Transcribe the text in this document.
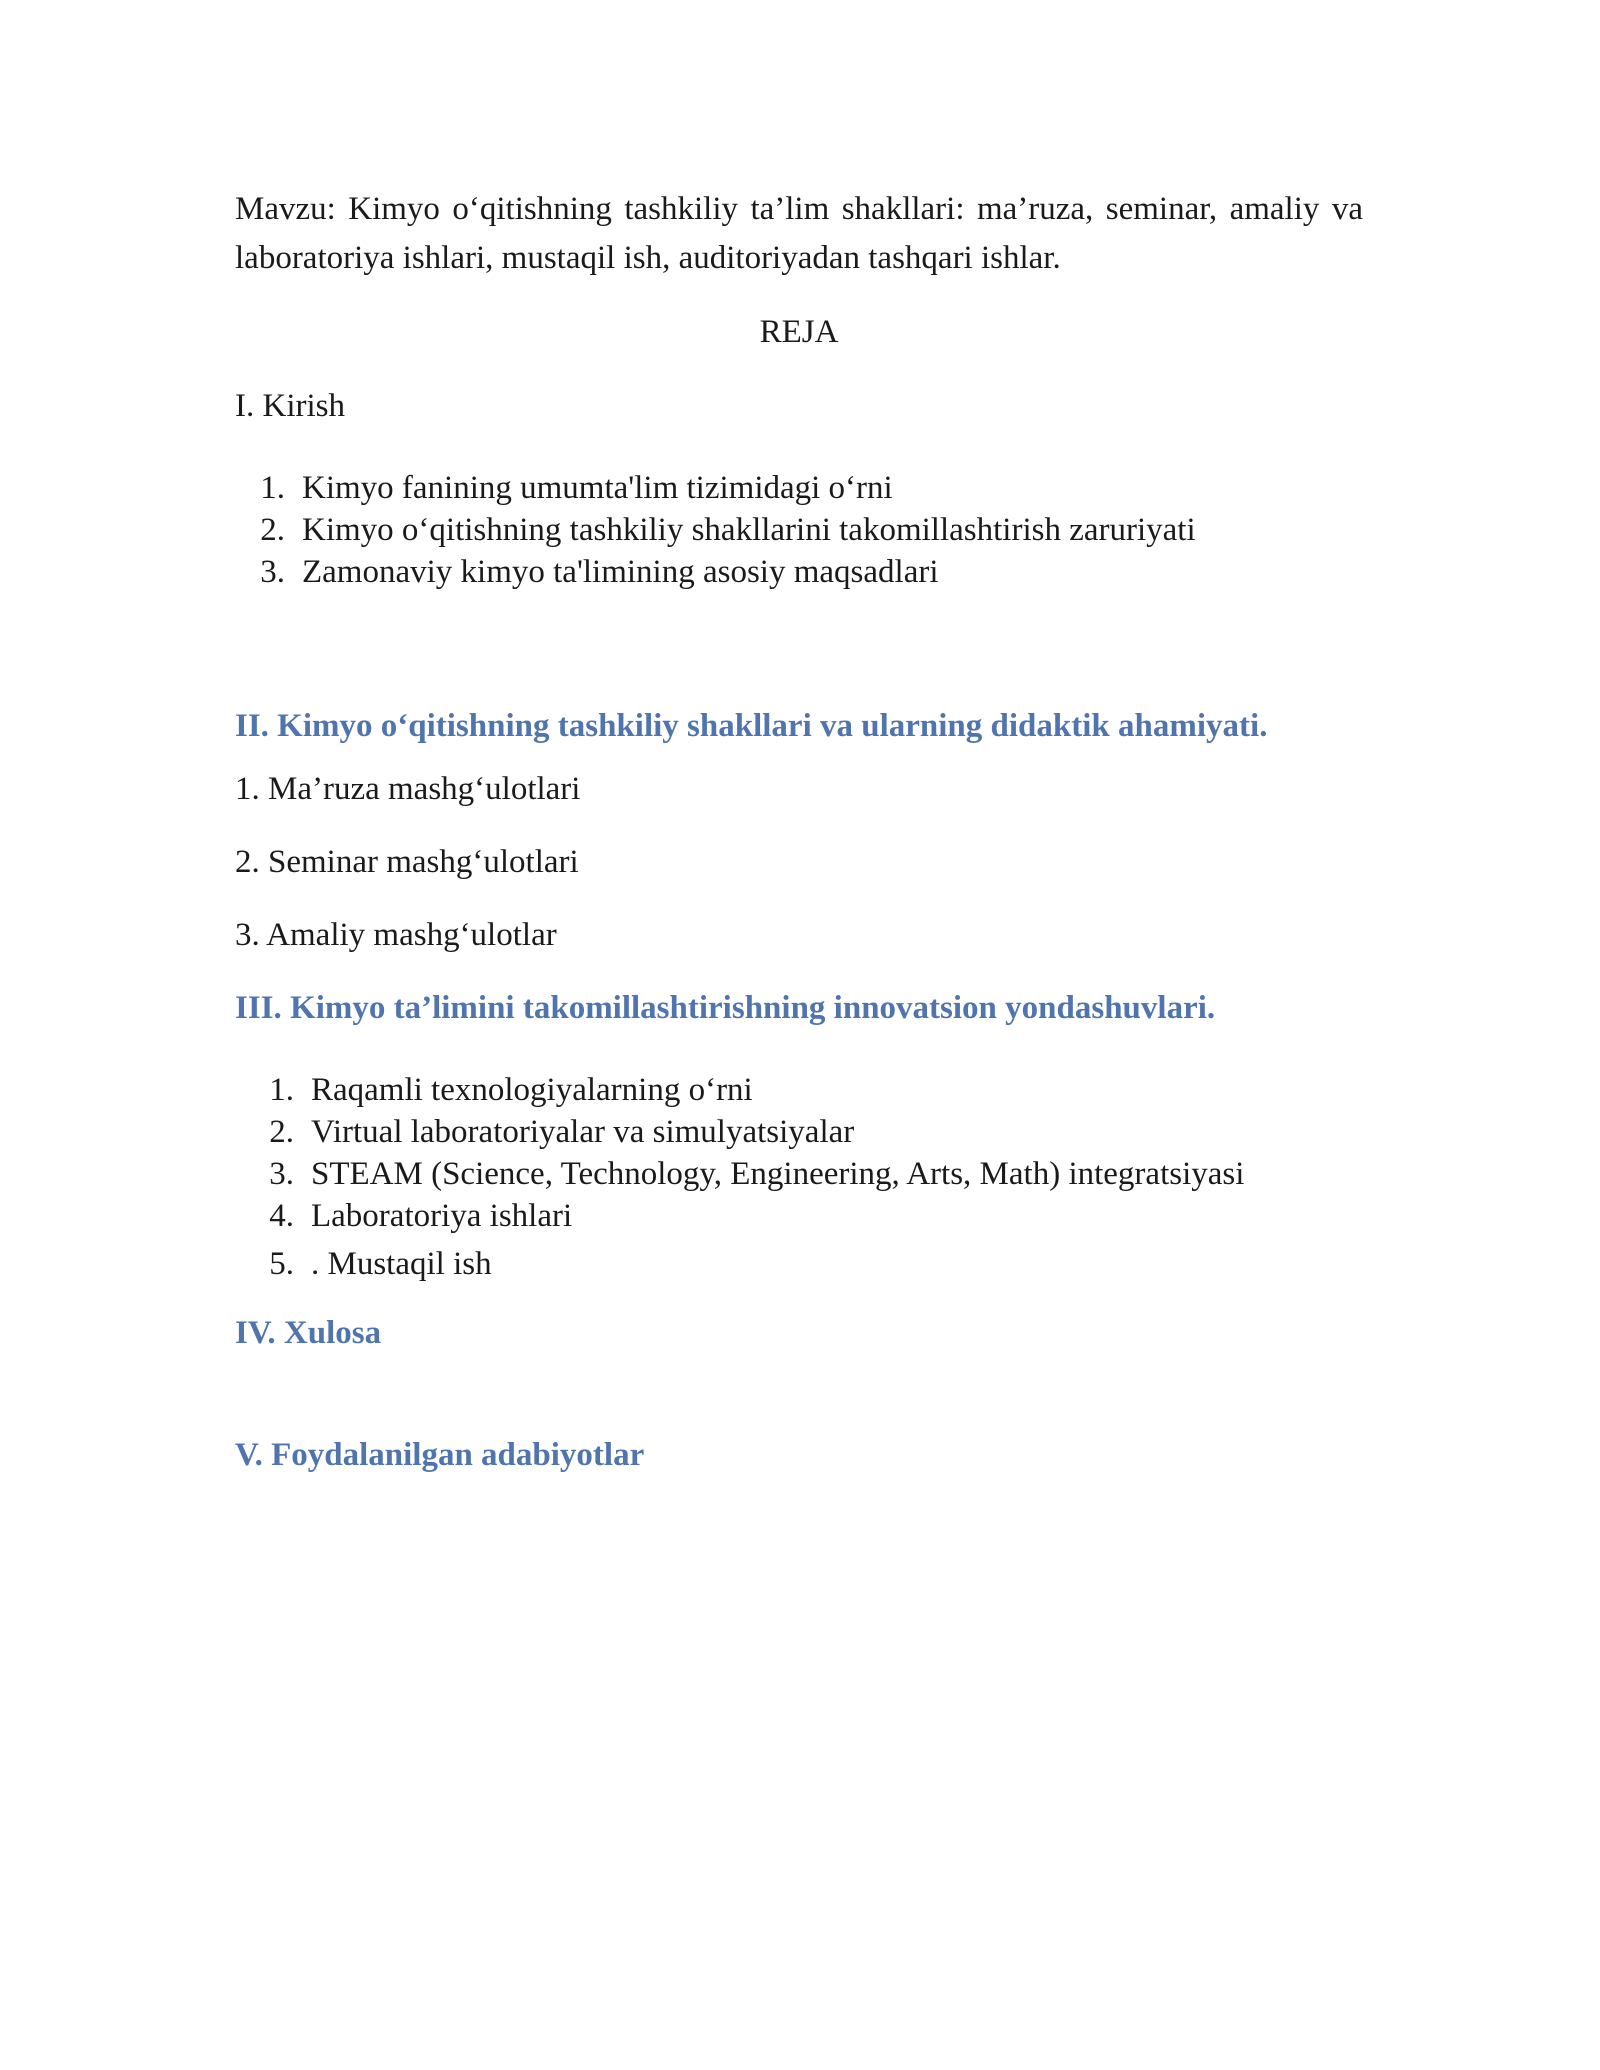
Mavzu: Kimyo o‘qitishning tashkiliy ta’lim shakllari: ma’ruza, seminar, amaliy va laboratoriya ishlari, mustaqil ish, auditoriyadan tashqari ishlar.

REJA

I. Kirish

1. Kimyo fanining umumta'lim tizimidagi o‘rni
2. Kimyo o‘qitishning tashkiliy shakllarini takomillashtirish zaruriyati
3. Zamonaviy kimyo ta'limining asosiy maqsadlari

II. Kimyo o‘qitishning tashkiliy shakllari va ularning didaktik ahamiyati.

1. Ma’ruza mashg‘ulotlari

2. Seminar mashg‘ulotlari

3. Amaliy mashg‘ulotlar

III. Kimyo ta’limini takomillashtirishning innovatsion yondashuvlari.

1. Raqamli texnologiyalarning o‘rni
2. Virtual laboratoriyalar va simulyatsiyalar
3. STEAM (Science, Technology, Engineering, Arts, Math) integratsiyasi
4. Laboratoriya ishlari
5. . Mustaqil ish

IV. Xulosa

V. Foydalanilgan adabiyotlar
